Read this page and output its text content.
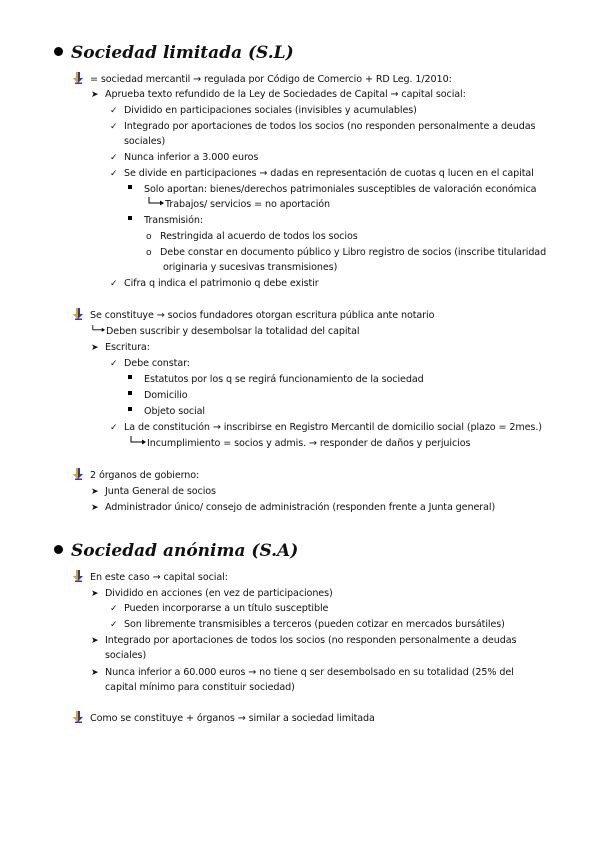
Sociedad limitada (S.L)
= sociedad mercantil → regulada por Código de Comercio + RD Leg. 1/2010:
➤ Aprueba texto refundido de la Ley de Sociedades de Capital → capital social:
✓ Dividido en participaciones sociales (invisibles y acumulables)
✓ Integrado por aportaciones de todos los socios (no responden personalmente a deudas
sociales)
✓ Nunca inferior a 3.000 euros
✓ Se divide en participaciones → dadas en representación de cuotas q lucen en el capital
Solo aportan: bienes/derechos patrimoniales susceptibles de valoración económica
Trabajos/ servicios = no aportación
Transmisión:
o Restringida al acuerdo de todos los socios
o Debe constar en documento público y Libro registro de socios (inscribe titularidad
originaria y sucesivas transmisiones)
✓ Cifra q indica el patrimonio q debe existir
Se constituye → socios fundadores otorgan escritura pública ante notario
Deben suscribir y desembolsar la totalidad del capital
➤ Escritura:
✓ Debe constar:
Estatutos por los q se regirá funcionamiento de la sociedad
Domicilio
Objeto social
✓ La de constitución → inscribirse en Registro Mercantil de domicilio social (plazo = 2mes.)
Incumplimiento = socios y admis. → responder de daños y perjuicios
2 órganos de gobierno:
➤ Junta General de socios
➤ Administrador único/ consejo de administración (responden frente a Junta general)
Sociedad anónima (S.A)
En este caso → capital social:
➤ Dividido en acciones (en vez de participaciones)
✓ Pueden incorporarse a un título susceptible
✓ Son libremente transmisibles a terceros (pueden cotizar en mercados bursátiles)
➤ Integrado por aportaciones de todos los socios (no responden personalmente a deudas
sociales)
➤ Nunca inferior a 60.000 euros → no tiene q ser desembolsado en su totalidad (25% del
capital mínimo para constituir sociedad)
Como se constituye + órganos → similar a sociedad limitada
